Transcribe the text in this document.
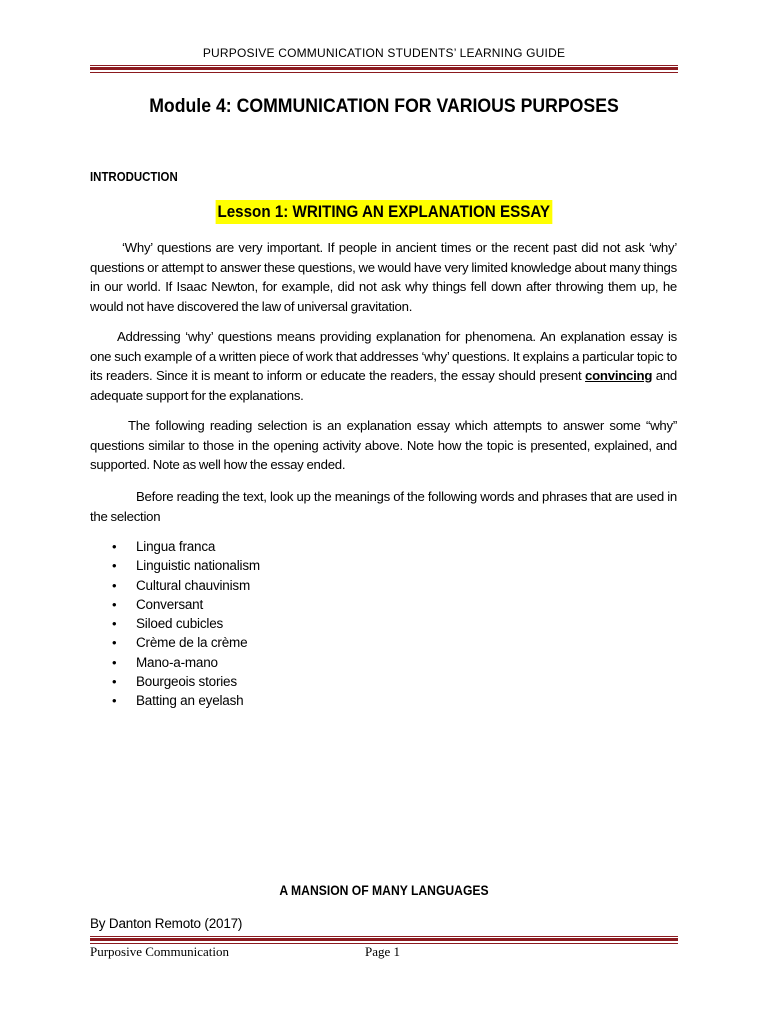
PURPOSIVE COMMUNICATION STUDENTS’ LEARNING GUIDE
Module 4: COMMUNICATION FOR VARIOUS PURPOSES
INTRODUCTION
Lesson 1: WRITING AN EXPLANATION ESSAY
‘Why’ questions are very important. If people in ancient times or the recent past did not ask ‘why’ questions or attempt to answer these questions, we would have very limited knowledge about many things in our world. If Isaac Newton, for example, did not ask why things fell down after throwing them up, he would not have discovered the law of universal gravitation.
Addressing ‘why’ questions means providing explanation for phenomena. An explanation essay is one such example of a written piece of work that addresses ‘why’ questions. It explains a particular topic to its readers. Since it is meant to inform or educate the readers, the essay should present convincing and adequate support for the explanations.
The following reading selection is an explanation essay which attempts to answer some “why” questions similar to those in the opening activity above. Note how the topic is presented, explained, and supported. Note as well how the essay ended.
Before reading the text, look up the meanings of the following words and phrases that are used in the selection
• Lingua franca
• Linguistic nationalism
• Cultural chauvinism
• Conversant
• Siloed cubicles
• Crème de la crème
• Mano-a-mano
• Bourgeois stories
• Batting an eyelash
A MANSION OF MANY LANGUAGES
By Danton Remoto (2017)
Purposive Communication	Page 1
